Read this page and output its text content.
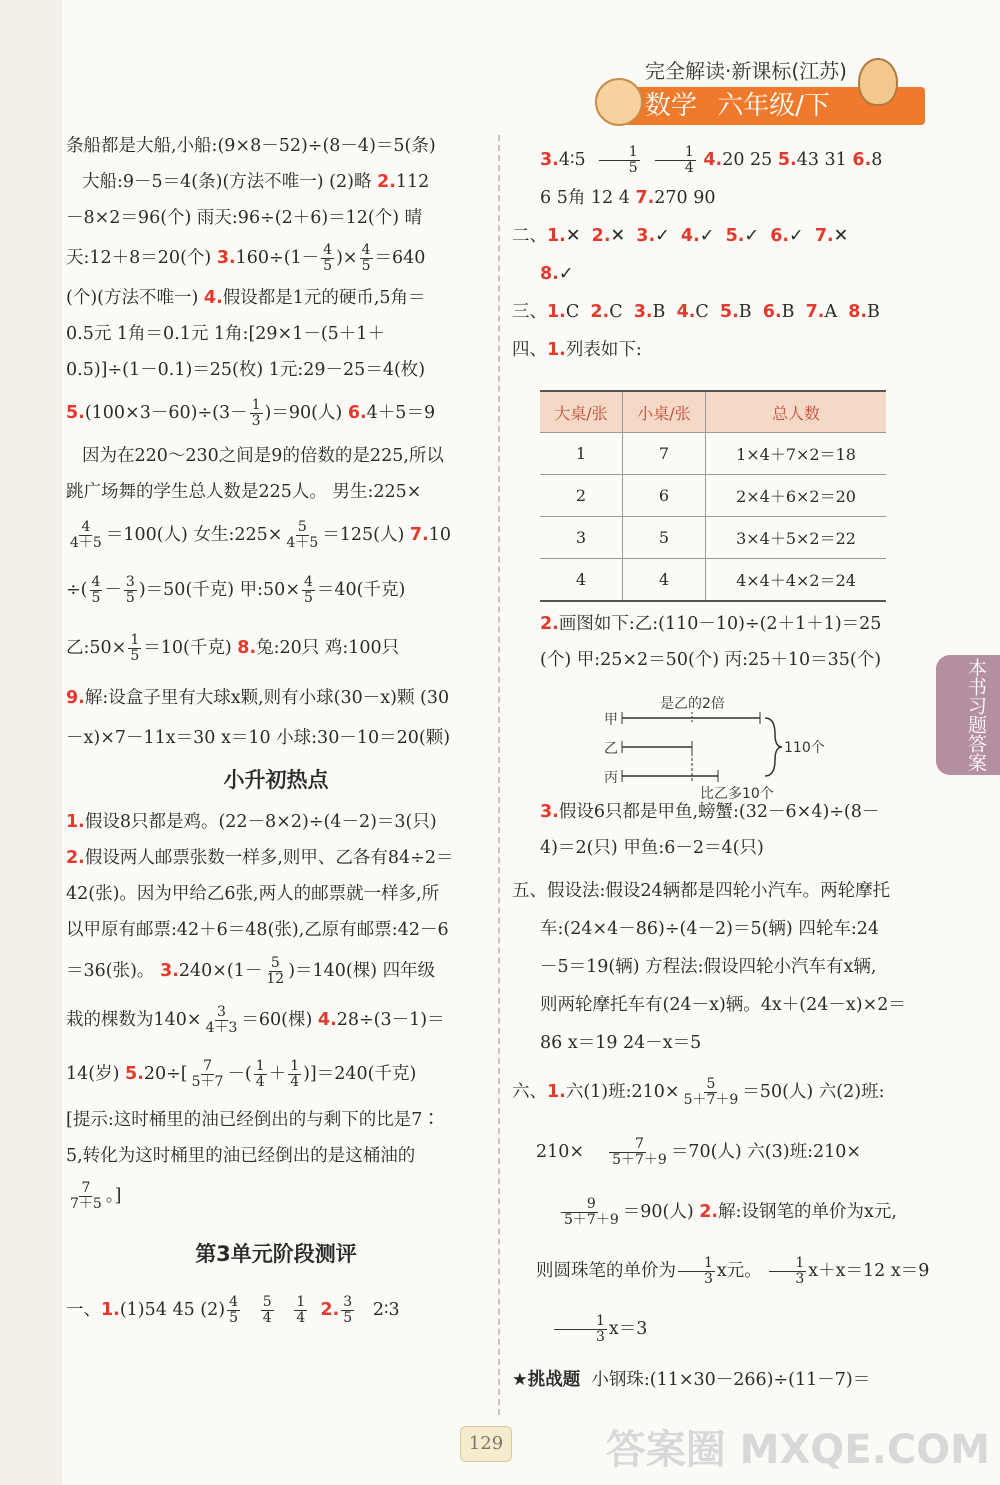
完全解读·新课标(江苏)
数学 六年级/下
本书习题答案

条船都是大船,小船:(9×8－52)÷(8－4)＝5(条)

大船:9－5＝4(条)(方法不唯一) (2)略 2.112

－8×2＝96(个) 雨天:96÷(2＋6)＝12(个) 晴

天:12＋8＝20(个) $3.160\div(1- \frac{4}{5}$ )× $\frac{4}{5} =640$

(个)(方法不唯一) 4.假设都是1元的硬币,5角＝

0.5元 1角＝0.1元 1角:[29×1－(5＋1＋

0.5)]÷(1－0.1)＝25(枚) 1元:29－25＝4(枚)

$5.(100\times 3-60)\div(3- \frac{1}{3} )=90$(人) 6.4＋5＝9

因为在220～230之间是9的倍数的是225,所以

跳广场舞的学生总人数是225人。 男生:225×

$\frac{4}{4+5} =100$(人) 女生:225× $\frac{5}{4+5} =125$(人) 7.10

÷( $\frac{4}{5} - \frac{3}{5} )=50$(千克) 甲:50× $\frac{4}{5} =40$(千克)

乙:50× $\frac{1}{5} =10$(千克) 8.兔:20只 鸡:100只

9.解:设盒子里有大球x颗,则有小球(30－x)颗 (30

－x)×7－11x＝30 x＝10 小球:30－10＝20(颗)

小升初热点

1.假设8只都是鸡。(22－8×2)÷(4－2)＝3(只)

2.假设两人邮票张数一样多,则甲、乙各有84÷2＝

42(张)。因为甲给乙6张,两人的邮票就一样多,所

以甲原有邮票:42＋6＝48(张),乙原有邮票:42－6

＝36(张)。 $3.240\times(1- \frac{5}{12} )=140$(棵) 四年级

栽的棵数为$140\times \frac{3}{4+3} =60$(棵) 4.28÷(3－1)＝

14(岁) $5.20\div[ \frac{7}{5+7}$ －( $\frac{1}{4} + \frac{1}{4} )]=240$(千克)

[提示:这时桶里的油已经倒出的与剩下的比是7∶

5,转化为这时桶里的油已经倒出的是这桶油的

$\frac{7}{7+5}$ 。]

第3单元阶段测评

一、1.(1)54 45 $(2) \frac{4}{5}$
$\frac{5}{4}$
$\frac{1}{4} 2$. $\frac{3}{5}$ 2∶3

3.4∶5 $\frac{1}{5}$
$\frac{1}{4} 4.20$ 25 5.43 31 6.8

6 5角 12 4 7.270 90

二、1.✕ 2.✕ 3.✓ 4.✓ 5.✓ 6.✓ 7.✕

8.✓

三、1.C 2.C 3.B 4.C 5.B 6.B 7.A 8.B

四、1.列表如下:

大桌/张	小桌/张	总人数
1	7	1×4＋7×2＝18
2	6	2×4＋6×2＝20
3	5	3×4＋5×2＝22
4	4	4×4＋4×2＝24

2.画图如下:乙:(110－10)÷(2＋1＋1)＝25

(个) 甲:25×2＝50(个) 丙:25＋10＝35(个)

是乙的2倍
甲
乙
丙
110个
比乙多10个

3.假设6只都是甲鱼,螃蟹:(32－6×4)÷(8－

4)＝2(只) 甲鱼:6－2＝4(只)

五、假设法:假设24辆都是四轮小汽车。两轮摩托

车:(24×4－86)÷(4－2)＝5(辆) 四轮车:24

－5＝19(辆) 方程法:假设四轮小汽车有x辆,

则两轮摩托车有(24－x)辆。4x＋(24－x)×2＝

86 x＝19 24－x＝5

六、1.六(1)班:210× $\frac{5}{5+7+9} =50$(人) 六(2)班:

$210\times \frac{7}{5+7+9} =70$(人) 六(3)班:210×

$\frac{9}{5+7+9} =90$(人) 2.解:设钢笔的单价为x元,

则圆珠笔的单价为 $\frac{1}{3}$ x元。 $\frac{1}{3} x+x=12$ x＝9

$\frac{1}{3} x=3$

★挑战题 小钢珠:(11×30－266)÷(11－7)＝

129	答案圈 MXQE.COM
